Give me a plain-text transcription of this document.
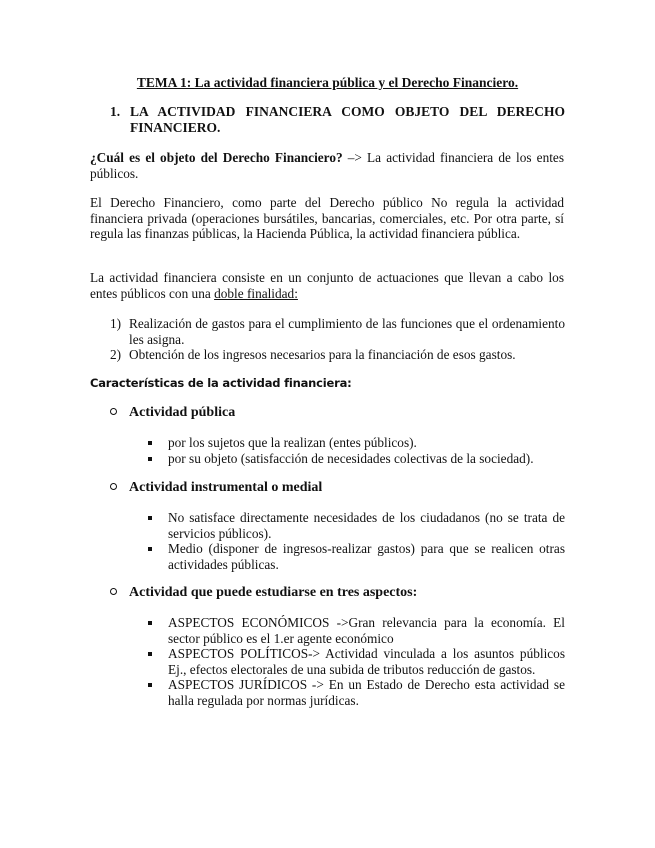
TEMA 1: La actividad financiera pública y el Derecho Financiero.
1. LA ACTIVIDAD FINANCIERA COMO OBJETO DEL DERECHO FINANCIERO.

¿Cuál es el objeto del Derecho Financiero? –> La actividad financiera de los entes públicos.

El Derecho Financiero, como parte del Derecho público No regula la actividad financiera privada (operaciones bursátiles, bancarias, comerciales, etc. Por otra parte, sí regula las finanzas públicas, la Hacienda Pública, la actividad financiera pública.

La actividad financiera consiste en un conjunto de actuaciones que llevan a cabo los entes públicos con una doble finalidad:

1) Realización de gastos para el cumplimiento de las funciones que el ordenamiento les asigna.
2) Obtención de los ingresos necesarios para la financiación de esos gastos.
Características de la actividad financiera:
Actividad pública
por los sujetos que la realizan (entes públicos).
por su objeto (satisfacción de necesidades colectivas de la sociedad).
Actividad instrumental o medial
No satisface directamente necesidades de los ciudadanos (no se trata de servicios públicos).
Medio (disponer de ingresos-realizar gastos) para que se realicen otras actividades públicas.
Actividad que puede estudiarse en tres aspectos:
ASPECTOS ECONÓMICOS ->Gran relevancia para la economía. El sector público es el 1.er agente económico
ASPECTOS POLÍTICOS-> Actividad vinculada a los asuntos públicos Ej., efectos electorales de una subida de tributos reducción de gastos.
ASPECTOS JURÍDICOS -> En un Estado de Derecho esta actividad se halla regulada por normas jurídicas.
